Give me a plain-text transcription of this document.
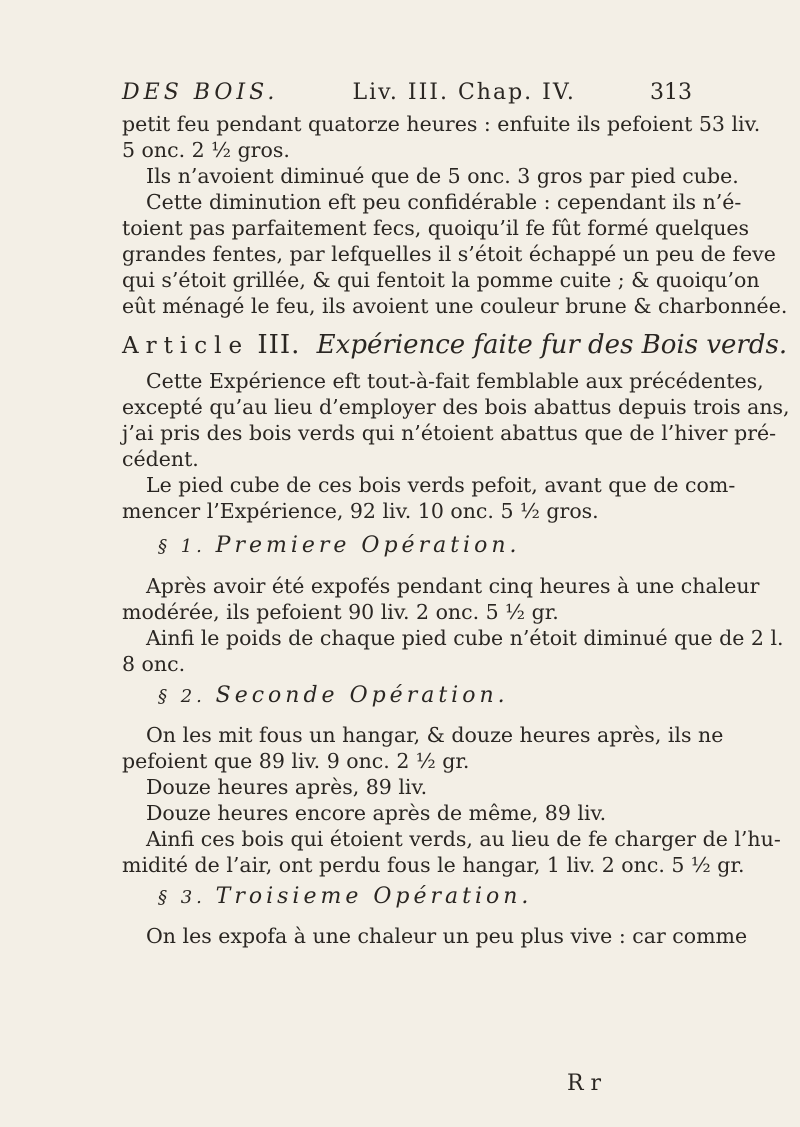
DES BOIS.	Liv. III. Chap. IV.	313
petit feu pendant quatorze heures : enfuite ils pefoient 53 liv.
5 onc. 2 ½ gros.
Ils n’avoient diminué que de 5 onc. 3 gros par pied cube.
Cette diminution eft peu confidérable : cependant ils n’é-
toient pas parfaitement fecs, quoiqu’il fe fût formé quelques
grandes fentes, par lefquelles il s’étoit échappé un peu de feve
qui s’étoit grillée, & qui fentoit la pomme cuite ; & quoiqu’on
eût ménagé le feu, ils avoient une couleur brune & charbonnée.
Article III. Expérience faite fur des Bois verds.
Cette Expérience eft tout-à-fait femblable aux précédentes,
excepté qu’au lieu d’employer des bois abattus depuis trois ans,
j’ai pris des bois verds qui n’étoient abattus que de l’hiver pré-
cédent.
Le pied cube de ces bois verds pefoit, avant que de com-
mencer l’Expérience, 92 liv. 10 onc. 5 ½ gros.
§ 1. Premiere Opération.
Après avoir été expofés pendant cinq heures à une chaleur
modérée, ils pefoient 90 liv. 2 onc. 5 ½ gr.
Ainfi le poids de chaque pied cube n’étoit diminué que de 2 l.
8 onc.
§ 2. Seconde Opération.
On les mit fous un hangar, & douze heures après, ils ne
pefoient que 89 liv. 9 onc. 2 ½ gr.
Douze heures après, 89 liv.
Douze heures encore après de même, 89 liv.
Ainfi ces bois qui étoient verds, au lieu de fe charger de l’hu-
midité de l’air, ont perdu fous le hangar, 1 liv. 2 onc. 5 ½ gr.
§ 3. Troisieme Opération.
On les expofa à une chaleur un peu plus vive : car comme
R r
